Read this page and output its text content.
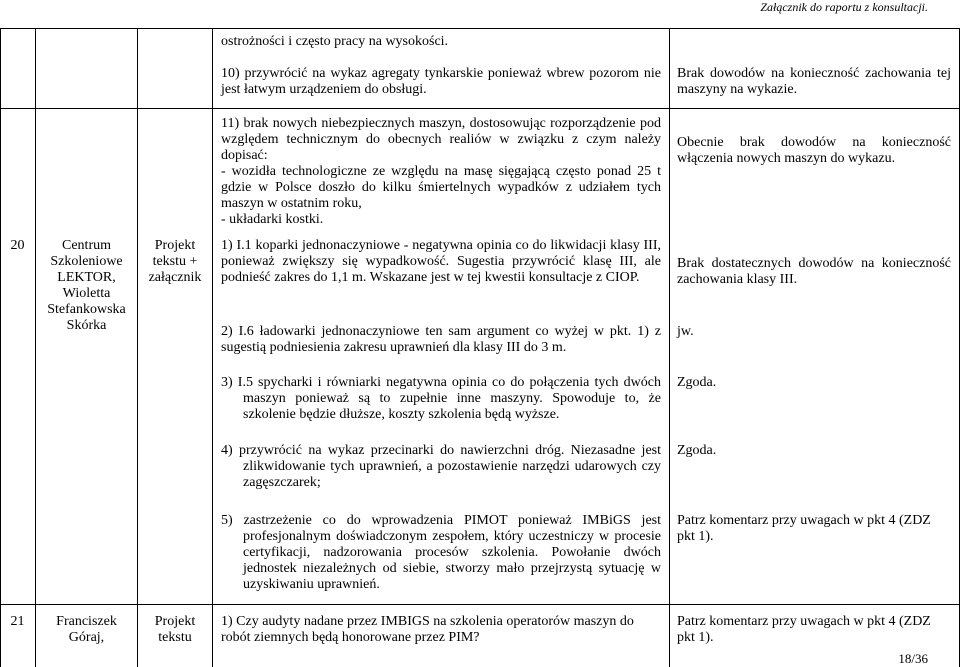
Załącznik do raportu z konsultacji.

ostrożności i często pracy na wysokości.

10) przywrócić na wykaz agregaty tynkarskie ponieważ wbrew pozorom nie jest łatwym urządzeniem do obsługi.

Brak dowodów na konieczność zachowania tej maszyny na wykazie.

20	Centrum Szkoleniowe LEKTOR, Wioletta Stefankowska Skórka
Projekt tekstu + załącznik

11) brak nowych niebezpiecznych maszyn, dostosowując rozporządzenie pod względem technicznym do obecnych realiów w związku z czym należy dopisać:

- wozidła technologiczne ze względu na masę sięgającą często ponad 25 t gdzie w Polsce doszło do kilku śmiertelnych wypadków z udziałem tych maszyn w ostatnim roku,

- układarki kostki.

1) I.1 koparki jednonaczyniowe - negatywna opinia co do likwidacji klasy III, ponieważ zwiększy się wypadkowość. Sugestia przywrócić klasę III, ale podnieść zakres do 1,1 m. Wskazane jest w tej kwestii konsultacje z CIOP.

2) I.6 ładowarki jednonaczyniowe ten sam argument co wyżej w pkt. 1) z sugestią podniesienia zakresu uprawnień dla klasy III do 3 m.

3) I.5 spycharki i równiarki negatywna opinia co do połączenia tych dwóch maszyn ponieważ są to zupełnie inne maszyny. Spowoduje to, że szkolenie będzie dłuższe, koszty szkolenia będą wyższe.
4) przywrócić na wykaz przecinarki do nawierzchni dróg. Niezasadne jest zlikwidowanie tych uprawnień, a pozostawienie narzędzi udarowych czy zagęszczarek;
5) zastrzeżenie co do wprowadzenia PIMOT ponieważ IMBiGS jest profesjonalnym doświadczonym zespołem, który uczestniczy w procesie certyfikacji, nadzorowania procesów szkolenia. Powołanie dwóch jednostek niezależnych od siebie, stworzy mało przejrzystą sytuację w uzyskiwaniu uprawnień.

Obecnie brak dowodów na konieczność włączenia nowych maszyn do wykazu.

Brak dostatecznych dowodów na konieczność zachowania klasy III.

jw.

Zgoda.

Zgoda.

Patrz komentarz przy uwagach w pkt 4 (ZDZ pkt 1).

21	Franciszek Góraj,
Projekt tekstu

1) Czy audyty nadane przez IMBIGS na szkolenia operatorów maszyn do robót ziemnych będą honorowane przez PIM?

Patrz komentarz przy uwagach w pkt 4 (ZDZ pkt 1).

18/36
